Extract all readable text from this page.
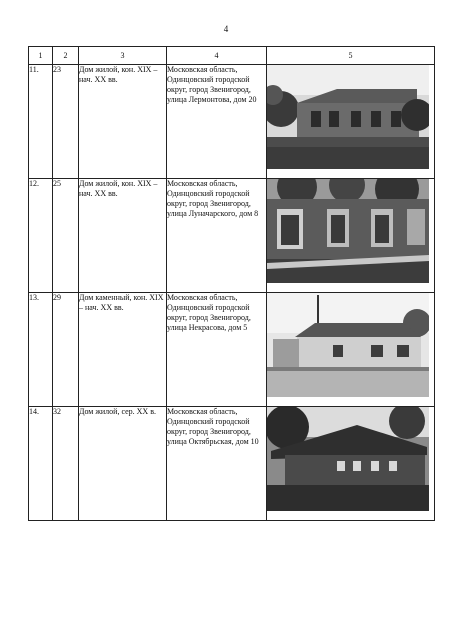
4
1	2	3	4	5
11.	23	Дом жилой, кон. XIX – нач. XX вв.	Московская область, Одинцовский городской округ, город Звенигород, улица Лермонтова, дом 20	

12.	25	Дом жилой, кон. XIX – нач. XX вв.	Московская область, Одинцовский городской округ, город Звенигород, улица Луначарского, дом 8	

13.	29	Дом каменный, кон. XIX – нач. XX вв.	Московская область, Одинцовский городской округ, город Звенигород, улица Некрасова, дом 5	

14.	32	Дом жилой, сер. XX в.	Московская область, Одинцовский городской округ, город Звенигород, улица Октябрьская, дом 10	
